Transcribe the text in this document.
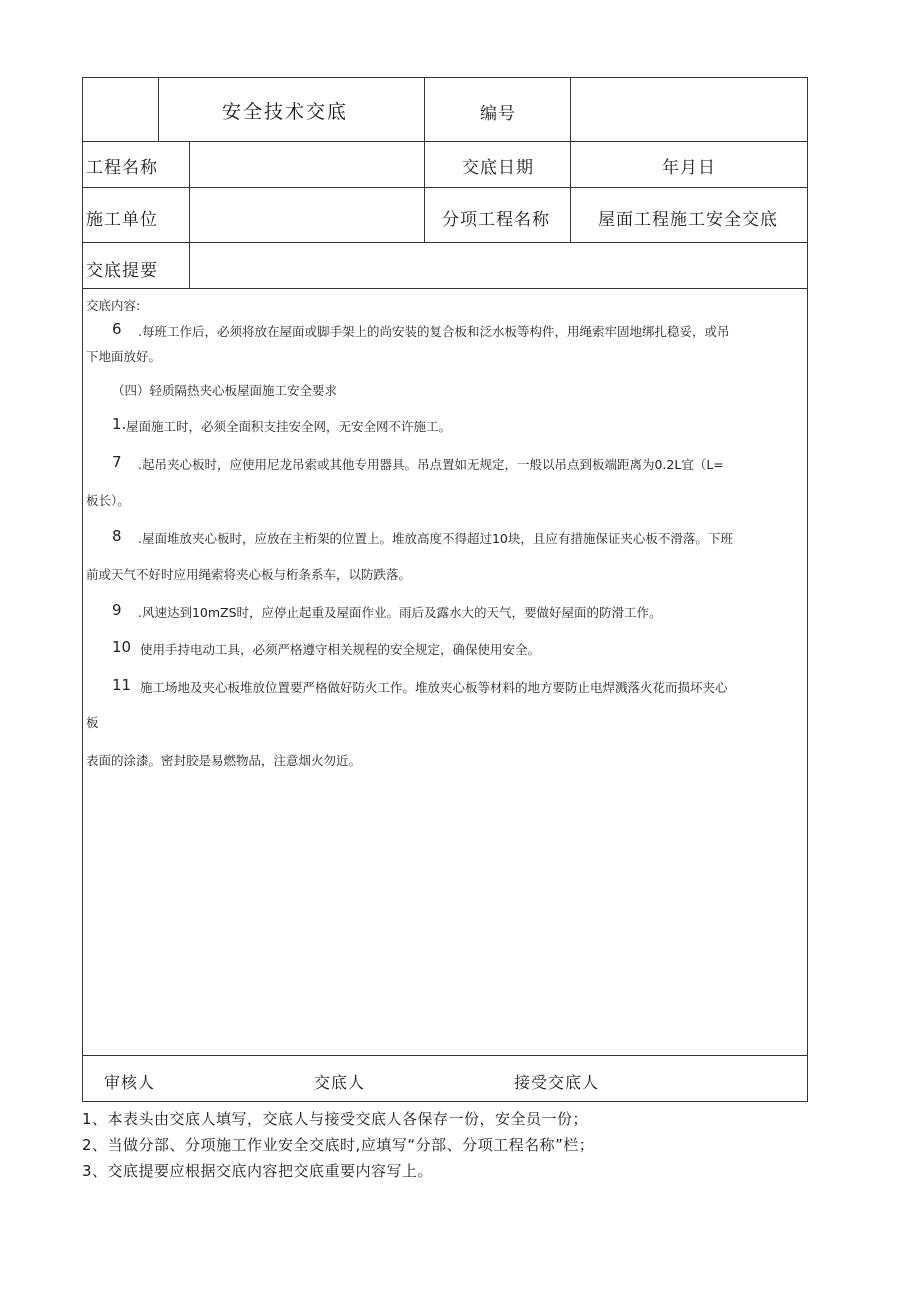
安全技术交底	编号
工程名称	交底日期	年月日
施工单位	分项工程名称	屋面工程施工安全交底
交底提要
交底内容:
6 .每班工作后，必须将放在屋面或脚手架上的尚安装的复合板和泛水板等构件，用绳索牢固地绑扎稳妥，或吊
下地面放好。
（四）轻质隔热夹心板屋面施工安全要求
1. 屋面施工时，必须全面积支挂安全网，无安全网不许施工。
7 .起吊夹心板时，应使用尼龙吊索或其他专用器具。吊点置如无规定，一般以吊点到板端距离为0.2L宜（L=
板长）。
8 .屋面堆放夹心板时，应放在主桁架的位置上。堆放高度不得超过10块，且应有措施保证夹心板不滑落。下班
前或天气不好时应用绳索将夹心板与桁条系车，以防跌落。
9 .风速达到10mZS时，应停止起重及屋面作业。雨后及露水大的天气，要做好屋面的防滑工作。
10 使用手持电动工具，必须严格遵守相关规程的安全规定，确保使用安全。
11 施工场地及夹心板堆放位置要严格做好防火工作。堆放夹心板等材料的地方要防止电焊溅落火花而损坏夹心
板
表面的涂漆。密封胶是易燃物品，注意烟火勿近。
审核人	交底人	接受交底人
1、本表头由交底人填写，交底人与接受交底人各保存一份，安全员一份；
2、当做分部、分项施工作业安全交底时,应填写“分部、分项工程名称”栏；
3、交底提要应根据交底内容把交底重要内容写上。
